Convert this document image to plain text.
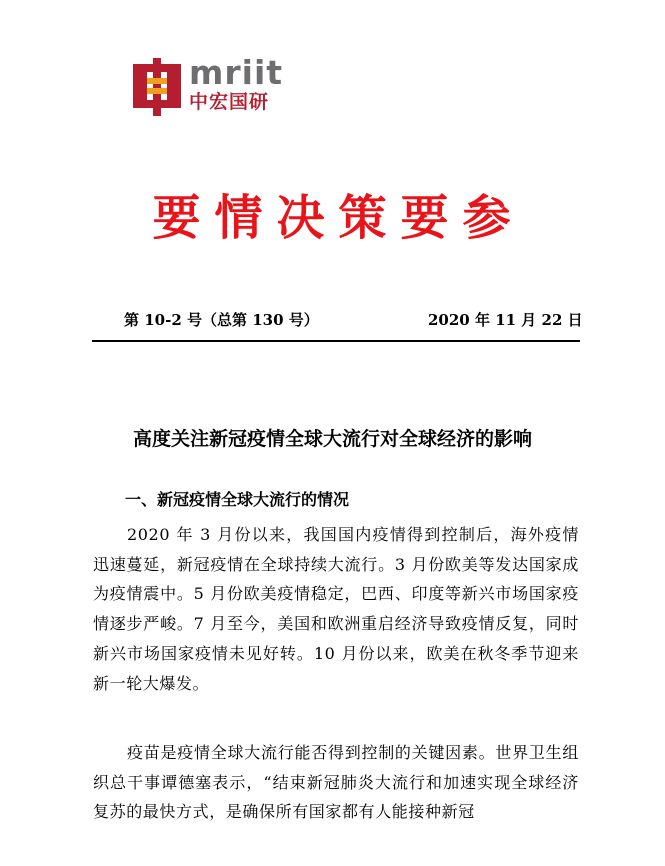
mriit
中宏国研
要情决策要参
第 10-2 号（总第 130 号）	2020 年 11 月 22 日
高度关注新冠疫情全球大流行对全球经济的影响
一、新冠疫情全球大流行的情况

2020 年 3 月份以来，我国国内疫情得到控制后，海外疫情迅速蔓延，新冠疫情在全球持续大流行。3 月份欧美等发达国家成为疫情震中。5 月份欧美疫情稳定，巴西、印度等新兴市场国家疫情逐步严峻。7 月至今，美国和欧洲重启经济导致疫情反复，同时新兴市场国家疫情未见好转。10 月份以来，欧美在秋冬季节迎来新一轮大爆发。

疫苗是疫情全球大流行能否得到控制的关键因素。世界卫生组织总干事谭德塞表示，“结束新冠肺炎大流行和加速实现全球经济复苏的最快方式，是确保所有国家都有人能接种新冠
